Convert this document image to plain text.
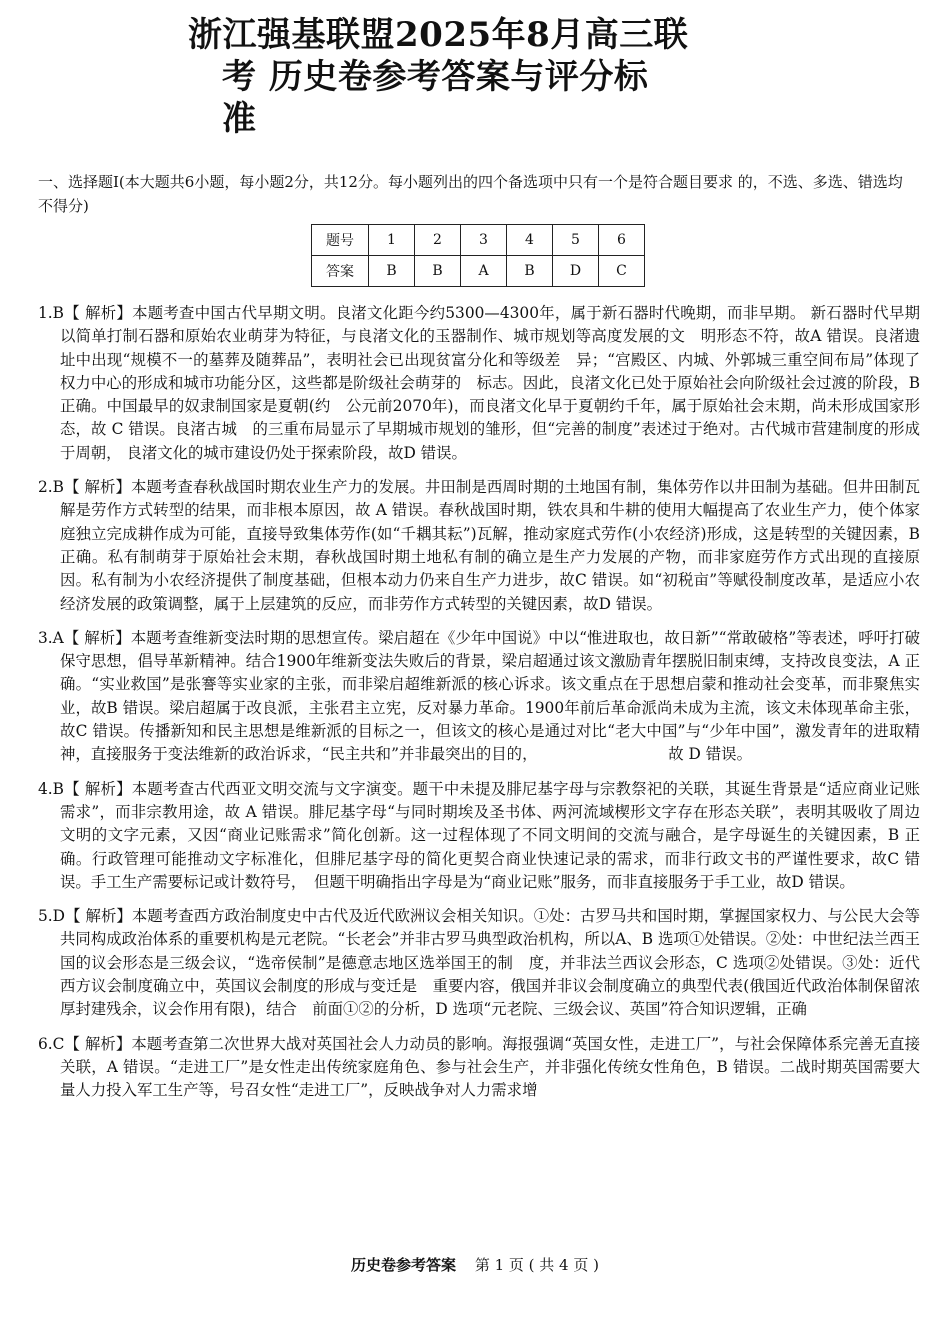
浙江强基联盟2025年8月高三联
考 历史卷参考答案与评分标
准
一、选择题Ⅰ(本大题共6小题，每小题2分，共12分。每小题列出的四个备选项中只有一个是符合题目要求 的，不选、多选、错选均不得分)
题号	1	2	3	4	5	6
答案	B	B	A	B	D	C

1.B【 解析】本题考查中国古代早期文明。良渚文化距今约5300—4300年，属于新石器时代晚期，而非早期。 新石器时代早期以简单打制石器和原始农业萌芽为特征，与良渚文化的玉器制作、城市规划等高度发展的文　明形态不符，故A 错误。良渚遗址中出现“规模不一的墓葬及随葬品”，表明社会已出现贫富分化和等级差　异；“宫殿区、内城、外郭城三重空间布局”体现了权力中心的形成和城市功能分区，这些都是阶级社会萌芽的　标志。因此，良渚文化已处于原始社会向阶级社会过渡的阶段，B 正确。中国最早的奴隶制国家是夏朝(约　公元前2070年)，而良渚文化早于夏朝约千年，属于原始社会末期，尚未形成国家形态，故 C 错误。良渚古城　的三重布局显示了早期城市规划的雏形，但“完善的制度”表述过于绝对。古代城市营建制度的形成于周朝， 良渚文化的城市建设仍处于探索阶段，故D 错误。

2.B【 解析】本题考查春秋战国时期农业生产力的发展。井田制是西周时期的土地国有制，集体劳作以井田制为基础。但井田制瓦解是劳作方式转型的结果，而非根本原因，故 A 错误。春秋战国时期，铁农具和牛耕的使用大幅提高了农业生产力，使个体家庭独立完成耕作成为可能，直接导致集体劳作(如“千耦其耘”)瓦解，推动家庭式劳作(小农经济)形成，这是转型的关键因素，B正确。私有制萌芽于原始社会末期，春秋战国时期土地私有制的确立是生产力发展的产物，而非家庭劳作方式出现的直接原因。私有制为小农经济提供了制度基础，但根本动力仍来自生产力进步，故C 错误。如“初税亩”等赋役制度改革，是适应小农经济发展的政策调整，属于上层建筑的反应，而非劳作方式转型的关键因素，故D 错误。

3.A【 解析】本题考查维新变法时期的思想宣传。梁启超在《少年中国说》中以“惟进取也，故日新”“常敢破格”等表述，呼吁打破保守思想，倡导革新精神。结合1900年维新变法失败后的背景，梁启超通过该文激励青年摆脱旧制束缚，支持改良变法，A 正确。“实业救国”是张謇等实业家的主张，而非梁启超维新派的核心诉求。该文重点在于思想启蒙和推动社会变革，而非聚焦实业，故B 错误。梁启超属于改良派，主张君主立宪，反对暴力革命。1900年前后革命派尚未成为主流，该文未体现革命主张，故C 错误。传播新知和民主思想是维新派的目标之一，但该文的核心是通过对比“老大中国”与“少年中国”，激发青年的进取精神，直接服务于变法维新的政治诉求，“民主共和”并非最突出的目的，　　　　　　　　　故 D 错误。

4.B【 解析】本题考查古代西亚文明交流与文字演变。题干中未提及腓尼基字母与宗教祭祀的关联，其诞生背景是“适应商业记账需求”，而非宗教用途，故 A 错误。腓尼基字母“与同时期埃及圣书体、两河流域楔形文字存在形态关联”，表明其吸收了周边文明的文字元素，又因“商业记账需求”简化创新。这一过程体现了不同文明间的交流与融合，是字母诞生的关键因素，B 正确。行政管理可能推动文字标准化，但腓尼基字母的简化更契合商业快速记录的需求，而非行政文书的严谨性要求，故C 错误。手工生产需要标记或计数符号，　但题干明确指出字母是为“商业记账”服务，而非直接服务于手工业，故D 错误。

5.D【 解析】本题考查西方政治制度史中古代及近代欧洲议会相关知识。①处：古罗马共和国时期，掌握国家权力、与公民大会等共同构成政治体系的重要机构是元老院。“长老会”并非古罗马典型政治机构，所以A、B 选项①处错误。②处：中世纪法兰西王国的议会形态是三级会议，“选帝侯制”是德意志地区选举国王的制　度，并非法兰西议会形态，C 选项②处错误。③处：近代西方议会制度确立中，英国议会制度的形成与变迁是　重要内容，俄国并非议会制度确立的典型代表(俄国近代政治体制保留浓厚封建残余，议会作用有限)，结合　前面①②的分析，D 选项“元老院、三级会议、英国”符合知识逻辑，正确

6.C【 解析】本题考查第二次世界大战对英国社会人力动员的影响。海报强调“英国女性，走进工厂”，与社会保障体系完善无直接关联，A 错误。“走进工厂”是女性走出传统家庭角色、参与社会生产，并非强化传统女性角色，B 错误。二战时期英国需要大量人力投入军工生产等，号召女性“走进工厂”，反映战争对人力需求增

历史卷参考答案 第 1 页 ( 共 4 页 )
